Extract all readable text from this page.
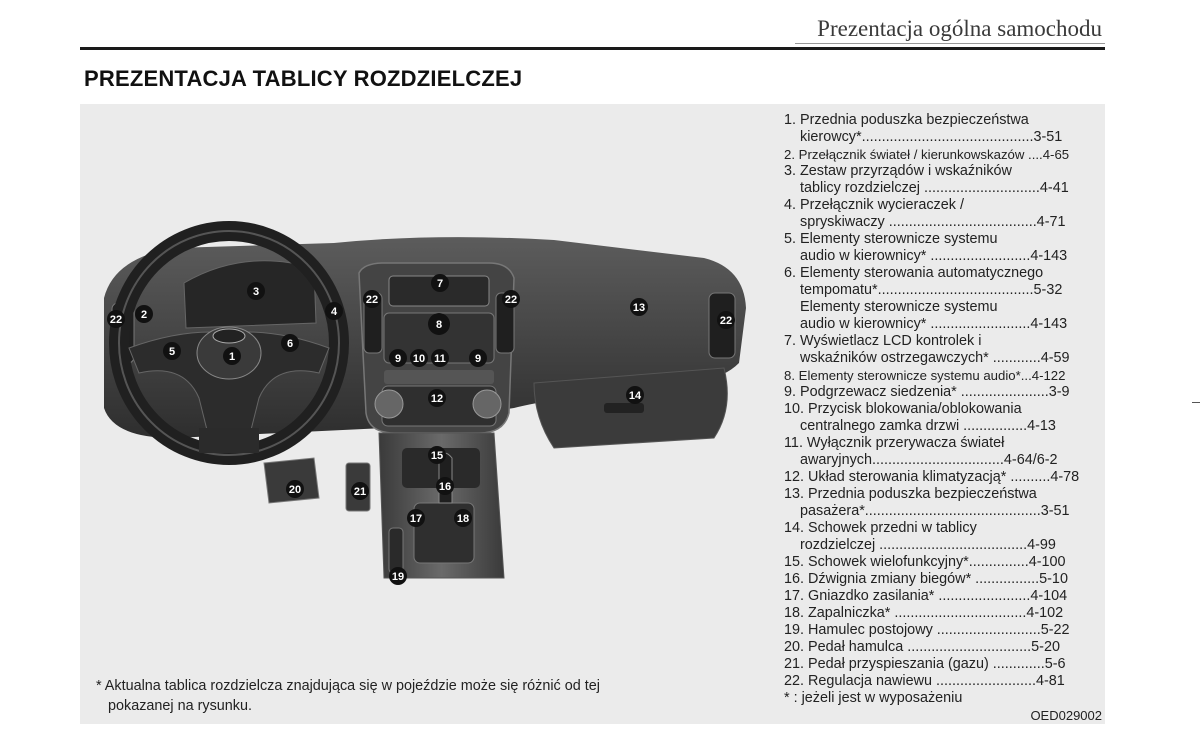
Prezentacja ogólna samochodu
PREZENTACJA TABLICY ROZDZIELCZEJ
1
2
3
4
5
6
7
8
9 10 11	9
12
13
14
15
16
17	18
19
20	21
22
22	22
22
1. Przednia poduszka bezpieczeństwa
kierowcy*...........................................3-51
2. Przełącznik świateł / kierunkowskazów ....4-65
3. Zestaw przyrządów i wskaźników
tablicy rozdzielczej .............................4-41
4. Przełącznik wycieraczek /
spryskiwaczy .....................................4-71
5. Elementy sterownicze systemu
audio w kierownicy* .........................4-143
6. Elementy sterowania automatycznego
tempomatu*.......................................5-32
Elementy sterownicze systemu
audio w kierownicy* .........................4-143
7. Wyświetlacz LCD kontrolek i
wskaźników ostrzegawczych* ............4-59
8. Elementy sterownicze systemu audio*...4-122
9. Podgrzewacz siedzenia* ......................3-9
10. Przycisk blokowania/oblokowania
centralnego zamka drzwi ................4-13
11. Wyłącznik przerywacza świateł
awaryjnych.................................4-64/6-2
12. Układ sterowania klimatyzacją* ..........4-78
13. Przednia poduszka bezpieczeństwa
pasażera*............................................3-51
14. Schowek przedni w tablicy
rozdzielczej .....................................4-99
15. Schowek wielofunkcyjny*...............4-100
16. Dźwignia zmiany biegów* ................5-10
17. Gniazdko zasilania* .......................4-104
18. Zapalniczka* .................................4-102
19. Hamulec postojowy ..........................5-22
20. Pedał hamulca ...............................5-20
21. Pedał przyspieszania (gazu) .............5-6
22. Regulacja nawiewu .........................4-81
* : jeżeli jest w wyposażeniu
* Aktualna tablica rozdzielcza znajdująca się w pojeździe może się różnić od tej
pokazanej na rysunku.
OED029002
